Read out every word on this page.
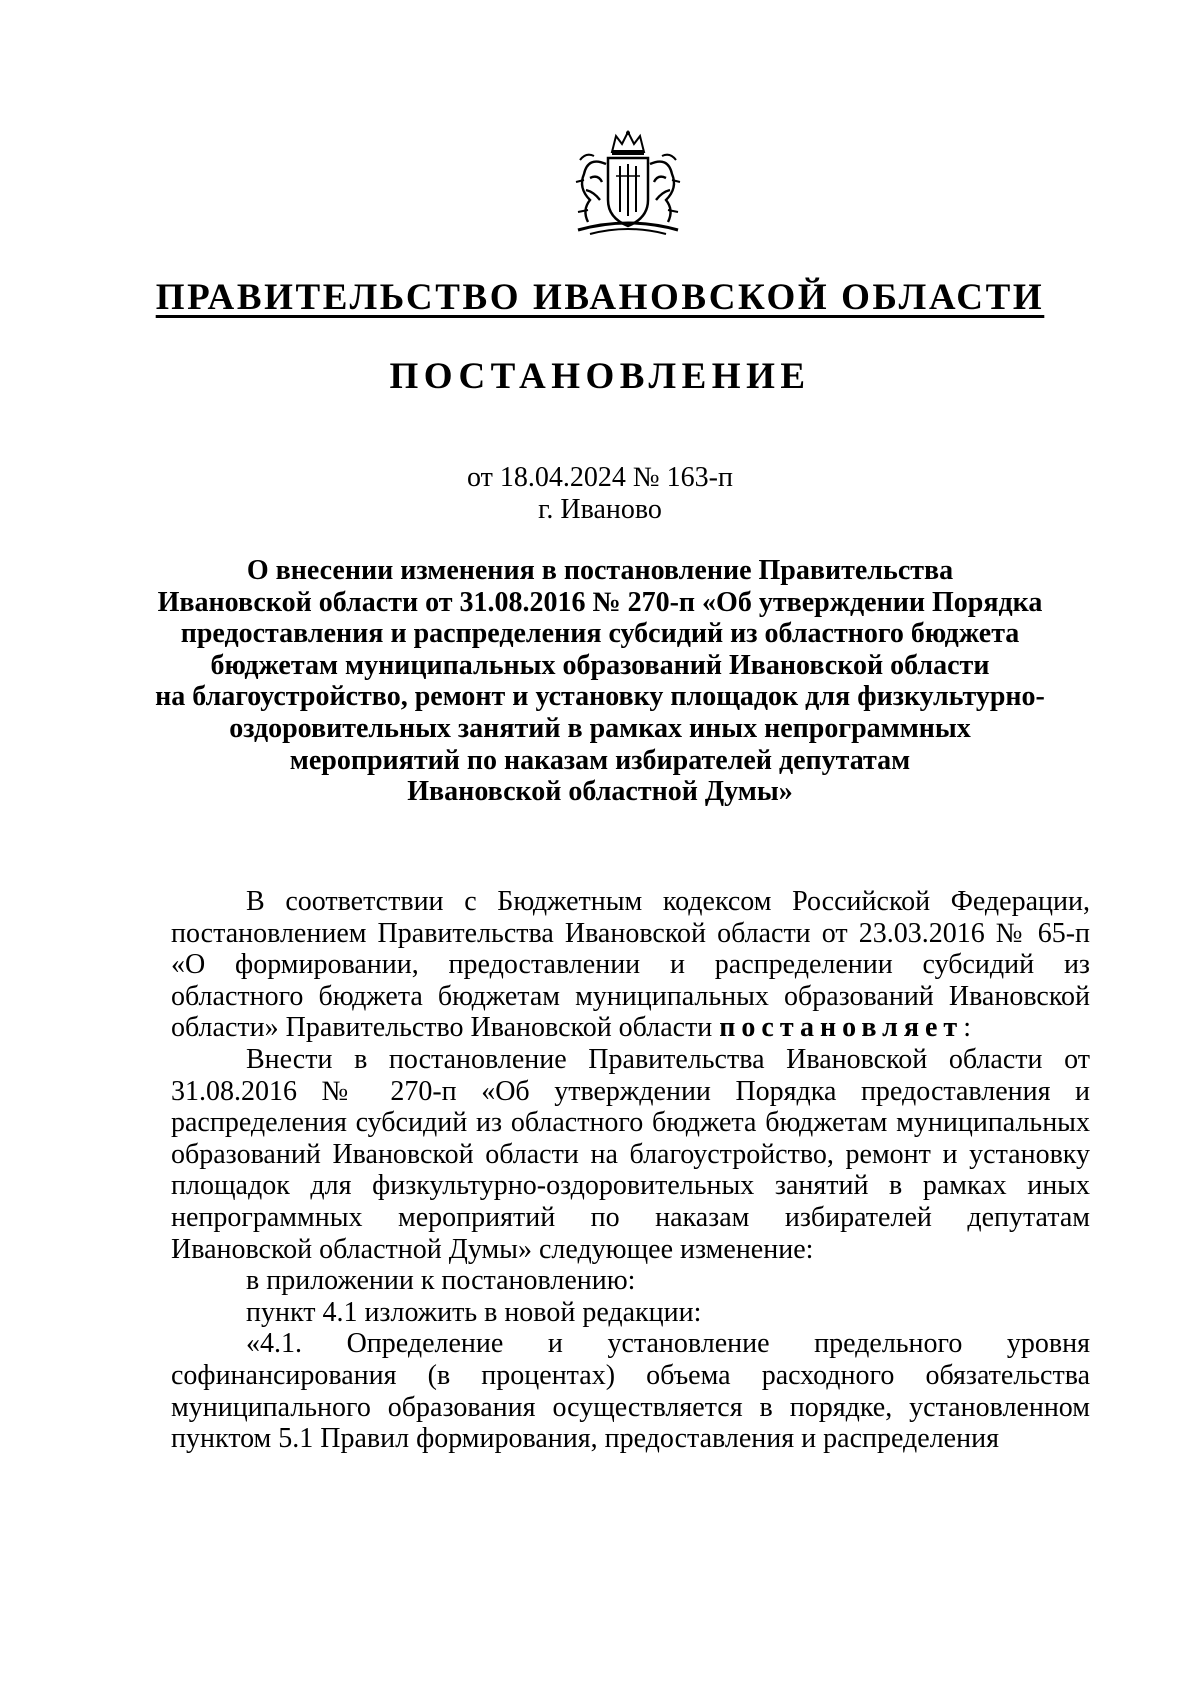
ПРАВИТЕЛЬСТВО ИВАНОВСКОЙ ОБЛАСТИ
ПОСТАНОВЛЕНИЕ
от 18.04.2024 № 163-п
г. Иваново
О внесении изменения в постановление Правительства
Ивановской области от 31.08.2016 № 270-п «Об утверждении Порядка
предоставления и распределения субсидий из областного бюджета
бюджетам муниципальных образований Ивановской области
на благоустройство, ремонт и установку площадок для физкультурно-
оздоровительных занятий в рамках иных непрограммных
мероприятий по наказам избирателей депутатам
Ивановской областной Думы»

В соответствии с Бюджетным кодексом Российской Федерации, постановлением Правительства Ивановской области от 23.03.2016 № 65-п «О формировании, предоставлении и распределении субсидий из областного бюджета бюджетам муниципальных образований Ивановской области» Правительство Ивановской области постановляет:

Внести в постановление Правительства Ивановской области от 31.08.2016 № 270-п «Об утверждении Порядка предоставления и распределения субсидий из областного бюджета бюджетам муниципальных образований Ивановской области на благоустройство, ремонт и установку площадок для физкультурно-оздоровительных занятий в рамках иных непрограммных мероприятий по наказам избирателей депутатам Ивановской областной Думы» следующее изменение:

в приложении к постановлению:

пункт 4.1 изложить в новой редакции:

«4.1. Определение и установление предельного уровня софинансирования (в процентах) объема расходного обязательства муниципального образования осуществляется в порядке, установленном пунктом 5.1 Правил формирования, предоставления и распределения
